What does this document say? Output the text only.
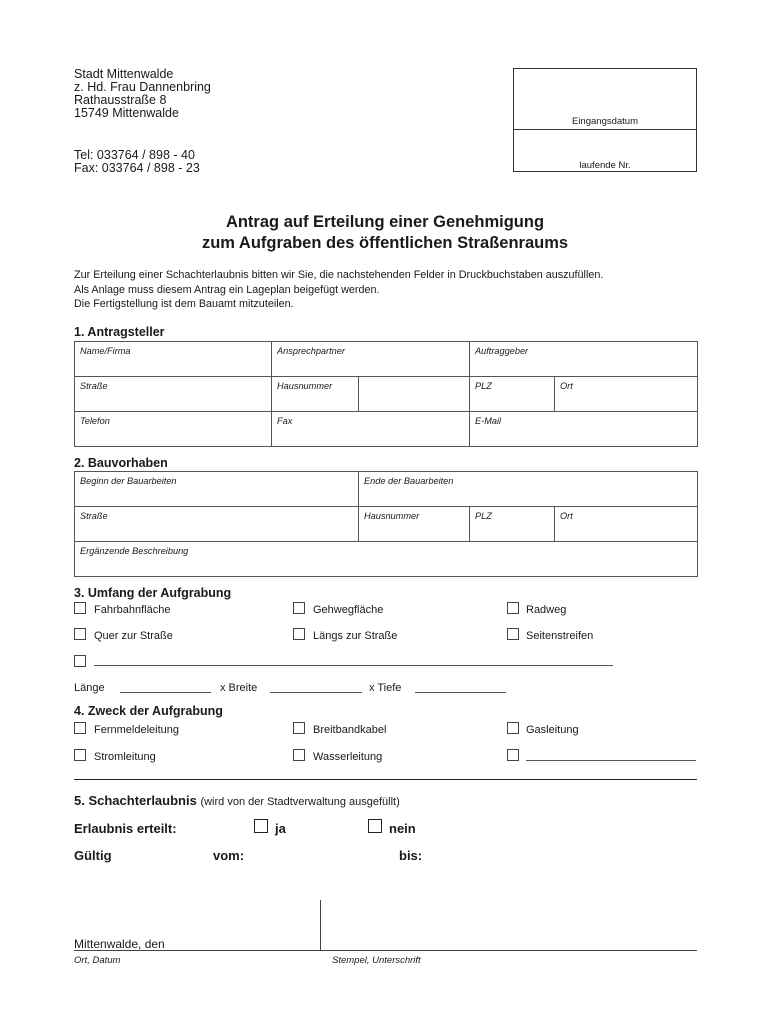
Stadt Mittenwalde
z. Hd. Frau Dannenbring
Rathausstraße 8
15749 Mittenwalde
Tel: 033764 / 898 - 40
Fax: 033764 / 898 - 23
Eingangsdatum
laufende Nr.
Antrag auf Erteilung einer Genehmigung
zum Aufgraben des öffentlichen Straßenraums
Zur Erteilung einer Schachterlaubnis bitten wir Sie, die nachstehenden Felder in Druckbuchstaben auszufüllen.
Als Anlage muss diesem Antrag ein Lageplan beigefügt werden.
Die Fertigstellung ist dem Bauamt mitzuteilen.
1. Antragsteller
Name/Firma	Ansprechpartner		Auftraggeber	
Straße	Hausnummer		PLZ	Ort
Telefon	Fax		E-Mail	
2. Bauvorhaben
Beginn der Bauarbeiten	Ende der Bauarbeiten		
Straße	Hausnummer	PLZ	Ort
Ergänzende Beschreibung			
3. Umfang der Aufgrabung
Fahrbahnfläche	Gehwegfläche	Radweg
Quer zur Straße	Längs zur Straße	Seitenstreifen
Länge	x Breite	x Tiefe
4. Zweck der Aufgrabung
Fernmeldeleitung	Breitbandkabel	Gasleitung
Stromleitung	Wasserleitung
5. Schachterlaubnis (wird von der Stadtverwaltung ausgefüllt)
Erlaubnis erteilt:	ja	nein
Gültig	vom:	bis:
Mittenwalde, den
Ort, Datum	Stempel, Unterschrift
